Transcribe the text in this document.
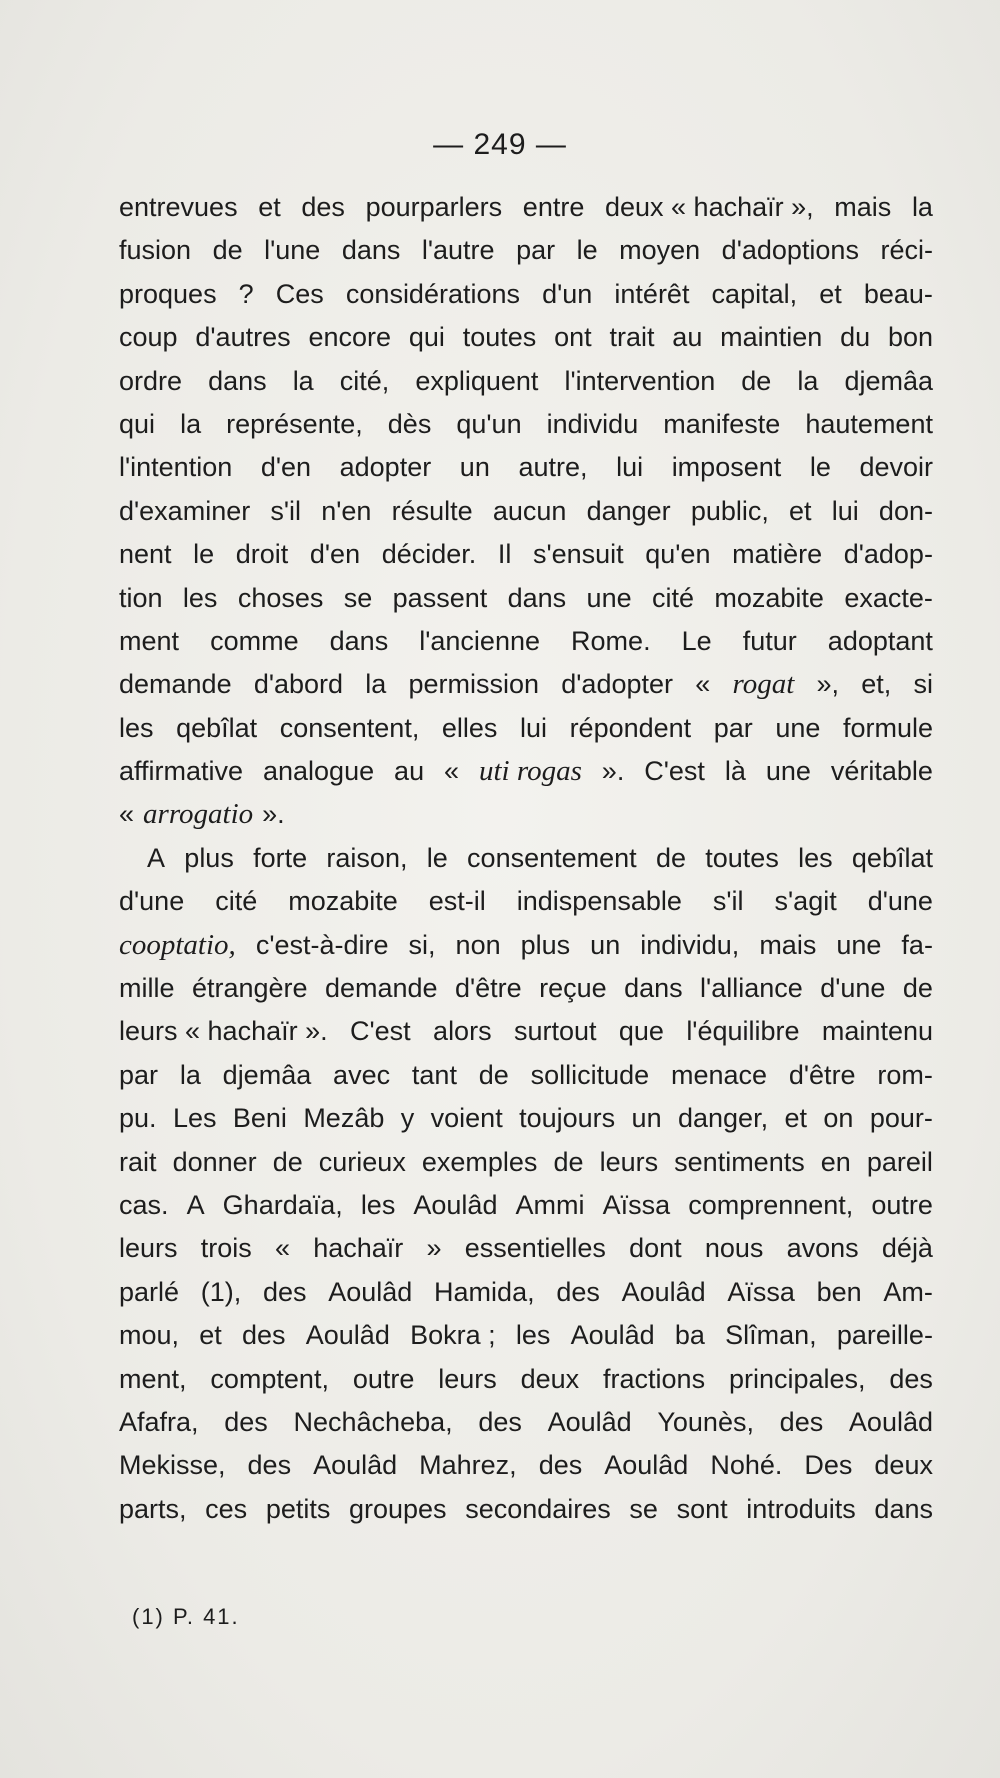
— 249 —
entrevues et des pourparlers entre deux « hachaïr », mais la
fusion de l'une dans l'autre par le moyen d'adoptions réci-
proques ? Ces considérations d'un intérêt capital, et beau-
coup d'autres encore qui toutes ont trait au maintien du bon
ordre dans la cité, expliquent l'intervention de la djemâa
qui la représente, dès qu'un individu manifeste hautement
l'intention d'en adopter un autre, lui imposent le devoir
d'examiner s'il n'en résulte aucun danger public, et lui don-
nent le droit d'en décider. Il s'ensuit qu'en matière d'adop-
tion les choses se passent dans une cité mozabite exacte-
ment comme dans l'ancienne Rome. Le futur adoptant
demande d'abord la permission d'adopter « rogat », et, si
les qebîlat consentent, elles lui répondent par une formule
affirmative analogue au « uti rogas ». C'est là une véritable
« arrogatio ».
A plus forte raison, le consentement de toutes les qebîlat
d'une cité mozabite est-il indispensable s'il s'agit d'une
cooptatio, c'est-à-dire si, non plus un individu, mais une fa-
mille étrangère demande d'être reçue dans l'alliance d'une de
leurs « hachaïr ». C'est alors surtout que l'équilibre maintenu
par la djemâa avec tant de sollicitude menace d'être rom-
pu. Les Beni Mezâb y voient toujours un danger, et on pour-
rait donner de curieux exemples de leurs sentiments en pareil
cas. A Ghardaïa, les Aoulâd Ammi Aïssa comprennent, outre
leurs trois « hachaïr » essentielles dont nous avons déjà
parlé (1), des Aoulâd Hamida, des Aoulâd Aïssa ben Am-
mou, et des Aoulâd Bokra ; les Aoulâd ba Slîman, pareille-
ment, comptent, outre leurs deux fractions principales, des
Afafra, des Nechâcheba, des Aoulâd Younès, des Aoulâd
Mekisse, des Aoulâd Mahrez, des Aoulâd Nohé. Des deux
parts, ces petits groupes secondaires se sont introduits dans
(1) P. 41.
